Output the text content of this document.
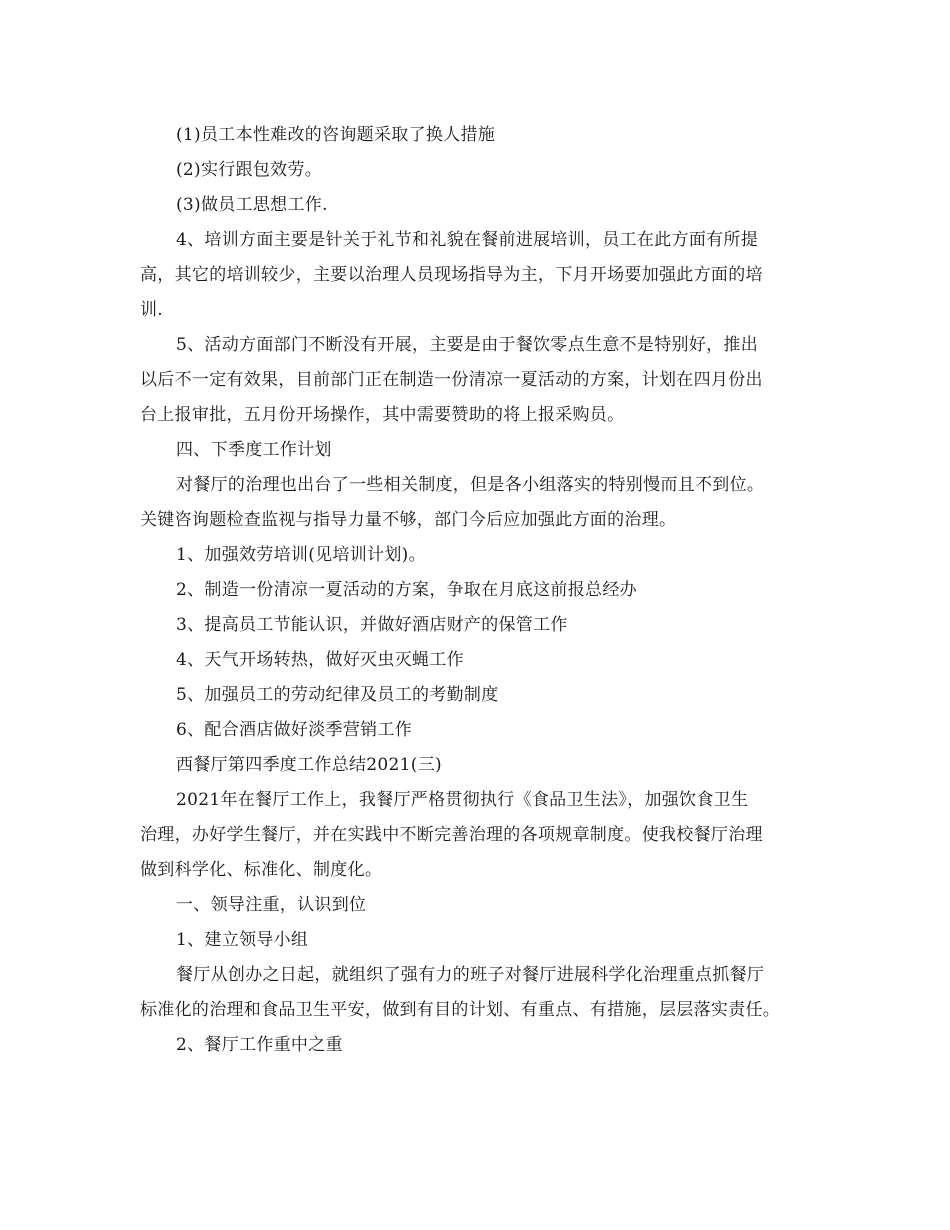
(1)员工本性难改的咨询题采取了换人措施
(2)实行跟包效劳。
(3)做员工思想工作.
4、培训方面主要是针关于礼节和礼貌在餐前进展培训，员工在此方面有所提
高，其它的培训较少，主要以治理人员现场指导为主，下月开场要加强此方面的培
训.
5、活动方面部门不断没有开展，主要是由于餐饮零点生意不是特别好，推出
以后不一定有效果，目前部门正在制造一份清凉一夏活动的方案，计划在四月份出
台上报审批，五月份开场操作，其中需要赞助的将上报采购员。
四、下季度工作计划
对餐厅的治理也出台了一些相关制度，但是各小组落实的特别慢而且不到位。
关键咨询题检查监视与指导力量不够，部门今后应加强此方面的治理。
1、加强效劳培训(见培训计划)。
2、制造一份清凉一夏活动的方案，争取在月底这前报总经办
3、提高员工节能认识，并做好酒店财产的保管工作
4、天气开场转热，做好灭虫灭蝇工作
5、加强员工的劳动纪律及员工的考勤制度
6、配合酒店做好淡季营销工作
西餐厅第四季度工作总结2021(三)
2021年在餐厅工作上，我餐厅严格贯彻执行《食品卫生法》，加强饮食卫生
治理，办好学生餐厅，并在实践中不断完善治理的各项规章制度。使我校餐厅治理
做到科学化、标准化、制度化。
一、领导注重，认识到位
1、建立领导小组
餐厅从创办之日起，就组织了强有力的班子对餐厅进展科学化治理重点抓餐厅
标准化的治理和食品卫生平安，做到有目的计划、有重点、有措施，层层落实责任。
2、餐厅工作重中之重
